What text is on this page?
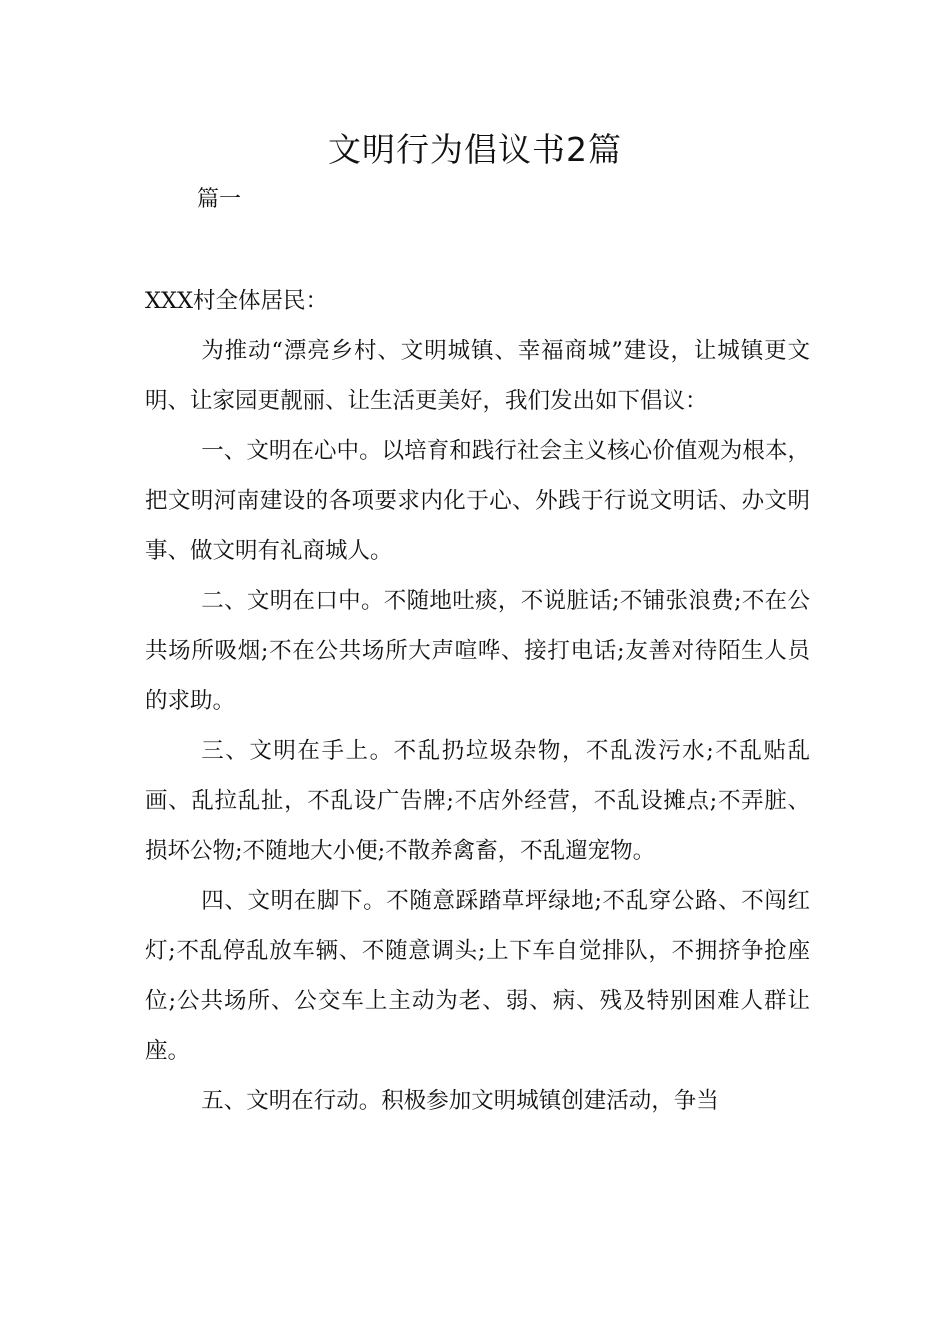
文明行为倡议书2篇

篇一

XXX村全体居民：

为推动“漂亮乡村、文明城镇、幸福商城”建设，让城镇更文明、让家园更靓丽、让生活更美好，我们发出如下倡议：

一、文明在心中。以培育和践行社会主义核心价值观为根本，把文明河南建设的各项要求内化于心、外践于行说文明话、办文明事、做文明有礼商城人。

二、文明在口中。不随地吐痰，不说脏话;不铺张浪费;不在公共场所吸烟;不在公共场所大声喧哗、接打电话;友善对待陌生人员的求助。

三、文明在手上。不乱扔垃圾杂物，不乱泼污水;不乱贴乱画、乱拉乱扯，不乱设广告牌;不店外经营，不乱设摊点;不弄脏、损坏公物;不随地大小便;不散养禽畜，不乱遛宠物。

四、文明在脚下。不随意踩踏草坪绿地;不乱穿公路、不闯红灯;不乱停乱放车辆、不随意调头;上下车自觉排队，不拥挤争抢座位;公共场所、公交车上主动为老、弱、病、残及特别困难人群让座。

五、文明在行动。积极参加文明城镇创建活动，争当
